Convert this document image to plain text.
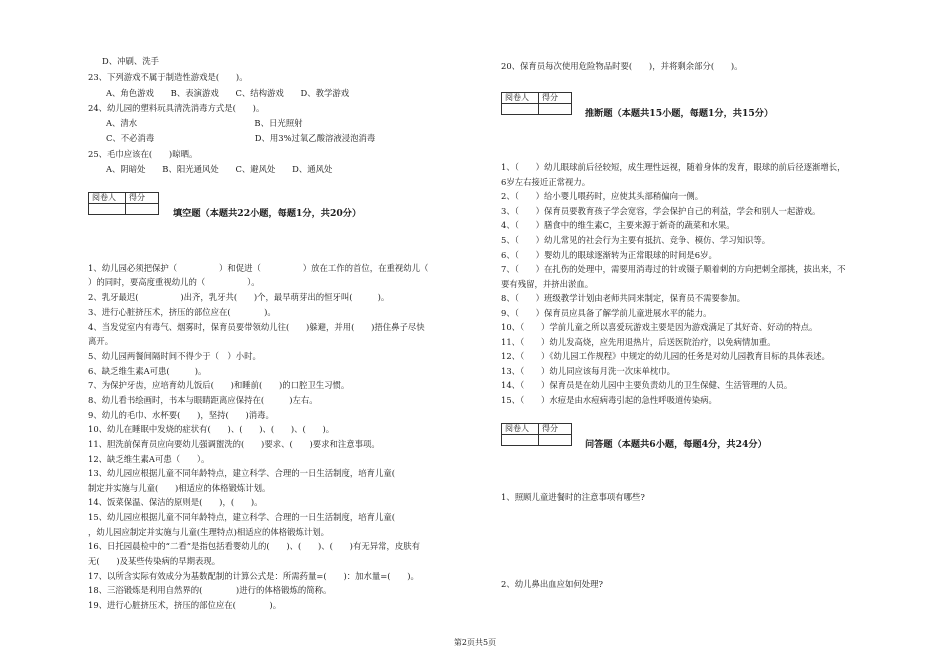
D、冲刷、洗手
23、下列游戏不属于制造性游戏是(　　)。
A、角色游戏　　B、表演游戏　　C、结构游戏　　D、教学游戏
24、幼儿园的塑料玩具清洗消毒方式是(　　)。
A、清水　　　　　　　　　　　　　　B、日光照射
C、不必消毒　　　　　　　　　　　　D、用3%过氧乙酸溶液浸泡消毒
25、毛巾应该在(　　)晾晒。
A、阴暗处　　B、阳光通风处　　C、避风处　　D、通风处
阅卷人	得分

填空题（本题共22小题，每题1分，共20分）
1、幼儿园必须把保护（　　　　　）和促进（　　　　　）放在工作的首位，在重视幼儿（
）的同时，要高度重视幼儿的（　　　　　）。
2、乳牙最迟(　　　　　)出齐，乳牙共(　　)个，最早萌芽出的恒牙叫(　　　)。
3、进行心脏挤压术，挤压的部位应在(　　　　)。
4、当发觉室内有毒气、烟雾时，保育员要带领幼儿往(　　)躲避，并用(　　)捂住鼻子尽快
离开。
5、幼儿园两餐间隔时间不得少于（　）小时。
6、缺乏维生素A可患(　　　)。
7、为保护牙齿，应培育幼儿饭后(　　)和睡前(　　)的口腔卫生习惯。
8、幼儿看书绘画时，书本与眼睛距离应保持在(　　　)左右。
9、幼儿的毛巾、水杯要(　　)，坚持(　　)消毒。
10、幼儿在睡眠中发烧的症状有(　　)、(　　)、(　　)、(　　)。
11、胆洗前保育员应向要幼儿强调盥洗的(　　)要求、(　　)要求和注意事项。
12、缺乏维生素A可患（　　）。
13、幼儿园应根据儿童不同年龄特点，建立科学、合理的一日生活制度，培育儿童(
制定并实施与儿童(　　)相适应的体格锻炼计划。
14、饭菜保温、保洁的原则是(　　)，(　　)。
15、幼儿园应根据儿童不同年龄特点，建立科学、合理的一日生活制度，培育儿童(
，幼儿园应制定并实施与儿童(生理特点)相适应的体格锻炼计划。
16、日托园晨检中的“二看”是指包括看婴幼儿的(　　)、(　　)、(　　)有无异常，皮肤有
无(　　)及某些传染病的早期表现。
17、以所含实际有效成分为基数配制的计算公式是：所需药量=(　　)：加水量=(　　)。
18、三浴锻炼是利用自然界的(　　　　)进行的体格锻炼的简称。
19、进行心脏挤压术，挤压的部位应在(　　　　)。
20、保育员每次使用危险物品时要(　　)，并将剩余部分(　　)。
阅卷人	得分

推断题（本题共15小题，每题1分，共15分）
1、（　　）幼儿眼球前后径较短，成生理性远视，随着身体的发育，眼球的前后径逐渐增长，
6岁左右接近正常视力。
2、（　　）给小婴儿喂药时，应使其头部稍偏向一侧。
3、（　　）保育员要教育孩子学会宽容，学会保护自己的利益，学会和别人一起游戏。
4、（　　）膳食中的维生素C，主要来源于新奇的蔬菜和水果。
5、（　　）幼儿常见的社会行为主要有抵抗、竞争、模仿、学习知识等。
6、（　　）婴幼儿的眼球逐渐转为正常眼球的时间是6岁。
7、（　　）在扎伤的处理中，需要用消毒过的针或镊子顺着刺的方向把刺全部挑，拔出来，不
要有残留，并挤出淤血。
8、（　　）班级教学计划由老师共同来制定，保育员不需要参加。
9、（　　）保育员应具备了解学前儿童进展水平的能力。
10、（　　）学前儿童之所以喜爱玩游戏主要是因为游戏满足了其好奇、好动的特点。
11、（　　）幼儿发高烧，应先用退热片，后送医院治疗，以免病情加重。
12、（　　）《幼儿园工作规程》中规定的幼儿园的任务是对幼儿园教育目标的具体表述。
13、（　　）幼儿同应该每月洗一次床单枕巾。
14、（　　）保育员是在幼儿园中主要负责幼儿的卫生保健、生活管理的人员。
15、（　　）水痘是由水痘病毒引起的急性呼吸道传染病。
阅卷人	得分

问答题（本题共6小题，每题4分，共24分）
1、照顾儿童进餐时的注意事项有哪些?
2、幼儿鼻出血应如何处理?
第2页共5页
